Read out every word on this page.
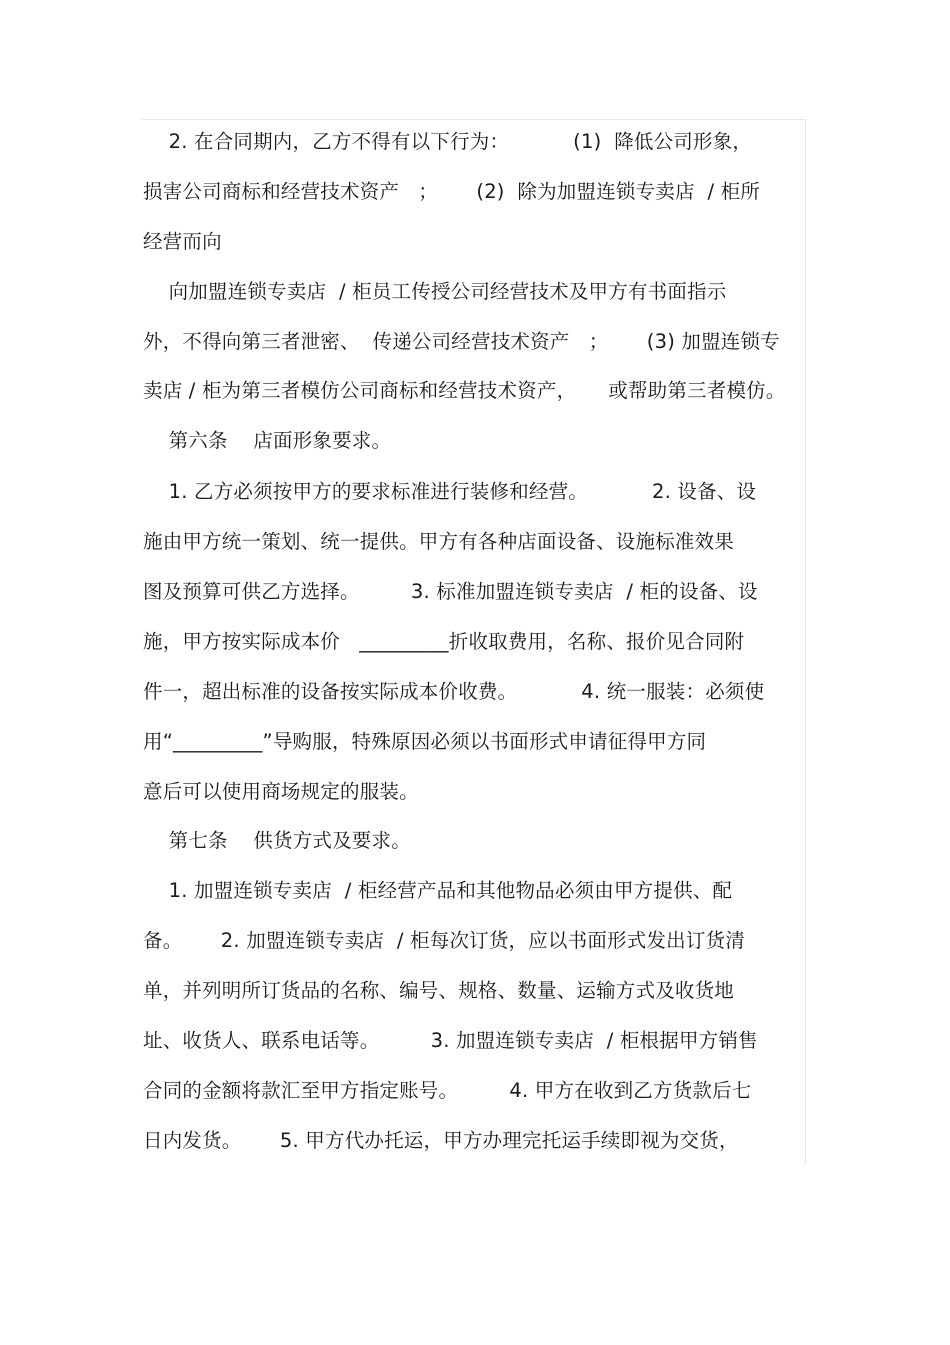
2. 在合同期内，乙方不得有以下行为：          (1)  降低公司形象，
损害公司商标和经营技术资产   ；      (2)  除为加盟连锁专卖店  / 柜所
经营而向
向加盟连锁专卖店  / 柜员工传授公司经营技术及甲方有书面指示
外，不得向第三者泄密、  传递公司经营技术资产   ；      (3) 加盟连锁专
卖店 / 柜为第三者模仿公司商标和经营技术资产，     或帮助第三者模仿。
第六条    店面形象要求。
1. 乙方必须按甲方的要求标准进行装修和经营。          2. 设备、设
施由甲方统一策划、统一提供。甲方有各种店面设备、设施标准效果
图及预算可供乙方选择。        3. 标准加盟连锁专卖店  / 柜的设备、设
施，甲方按实际成本价   _________折收取费用，名称、报价见合同附
件一，超出标准的设备按实际成本价收费。          4. 统一服装：必须使
用“_________”导购服，特殊原因必须以书面形式申请征得甲方同
意后可以使用商场规定的服装。
第七条    供货方式及要求。
1. 加盟连锁专卖店  / 柜经营产品和其他物品必须由甲方提供、配
备。      2. 加盟连锁专卖店  / 柜每次订货，应以书面形式发出订货清
单，并列明所订货品的名称、编号、规格、数量、运输方式及收货地
址、收货人、联系电话等。        3. 加盟连锁专卖店  / 柜根据甲方销售
合同的金额将款汇至甲方指定账号。        4. 甲方在收到乙方货款后七
日内发货。      5. 甲方代办托运，甲方办理完托运手续即视为交货，
